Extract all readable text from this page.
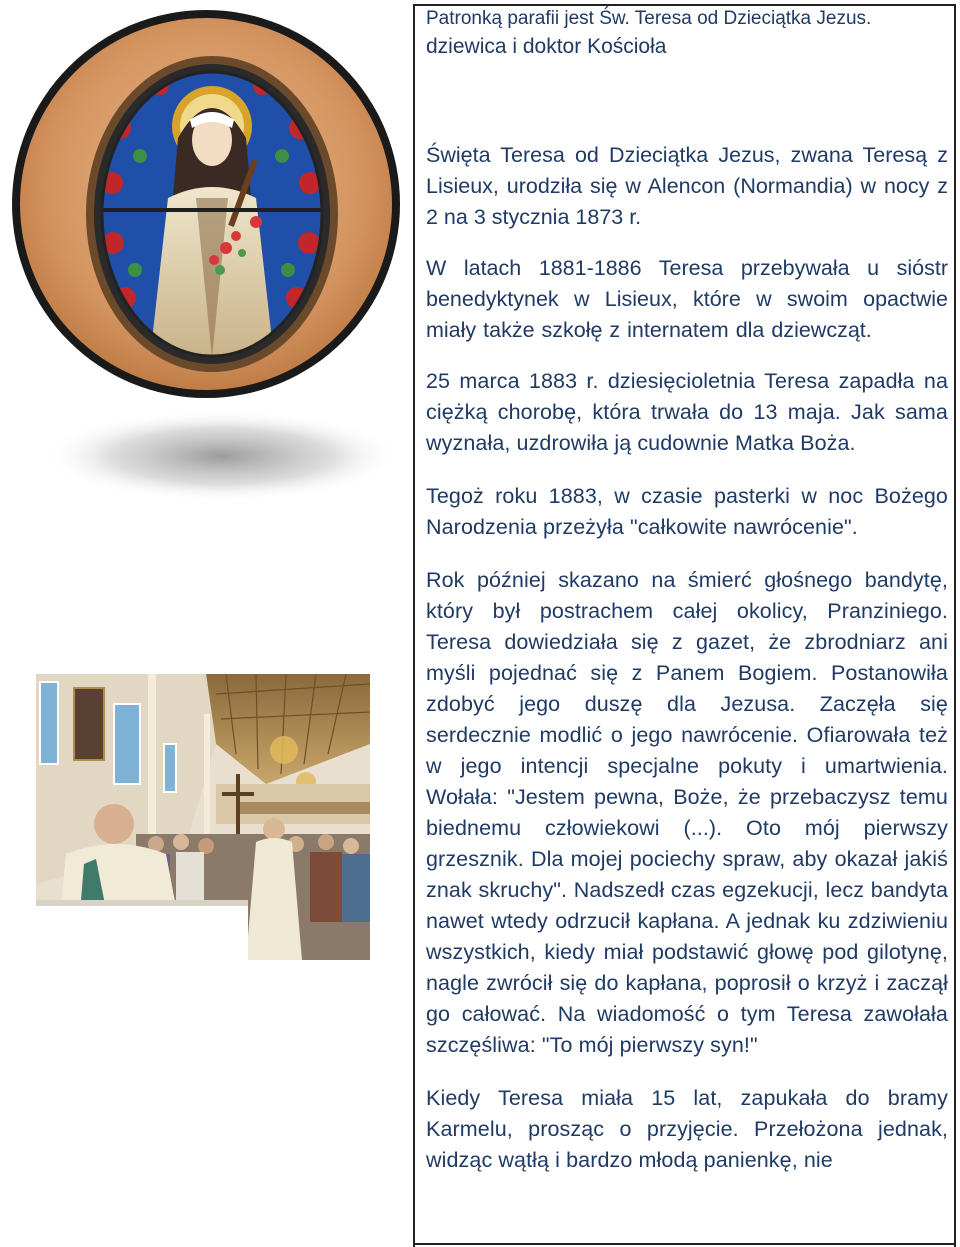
Patronką parafii jest Św. Teresa od Dzieciątka Jezus.

dziewica i doktor Kościoła

Święta Teresa od Dzieciątka Jezus, zwana Teresą z Lisieux, urodziła się w Alencon (Normandia) w nocy z 2 na 3 stycznia 1873 r.

W latach 1881-1886 Teresa przebywała u sióstr benedyktynek w Lisieux, które w swoim opactwie miały także szkołę z internatem dla dziewcząt.

25 marca 1883 r. dziesięcioletnia Teresa zapadła na ciężką chorobę, która trwała do 13 maja. Jak sama wyznała, uzdrowiła ją cudownie Matka Boża.

Tegoż roku 1883, w czasie pasterki w noc Bożego Narodzenia przeżyła "całkowite nawrócenie".

Rok później skazano na śmierć głośnego bandytę, który był postrachem całej okolicy, Pranziniego. Teresa dowiedziała się z gazet, że zbrodniarz ani myśli pojednać się z Panem Bogiem. Postanowiła zdobyć jego duszę dla Jezusa. Zaczęła się serdecznie modlić o jego nawrócenie. Ofiarowała też w jego intencji specjalne pokuty i umartwienia. Wołała: "Jestem pewna, Boże, że przebaczysz temu biednemu człowiekowi (...). Oto mój pierwszy grzesznik. Dla mojej pociechy spraw, aby okazał jakiś znak skruchy". Nadszedł czas egzekucji, lecz bandyta nawet wtedy odrzucił kapłana. A jednak ku zdziwieniu wszystkich, kiedy miał podstawić głowę pod gilotynę, nagle zwrócił się do kapłana, poprosił o krzyż i zaczął go całować. Na wiadomość o tym Teresa zawołała szczęśliwa: "To mój pierwszy syn!"

Kiedy Teresa miała 15 lat, zapukała do bramy Karmelu, prosząc o przyjęcie. Przełożona jednak, widząc wątłą i bardzo młodą panienkę, nie
